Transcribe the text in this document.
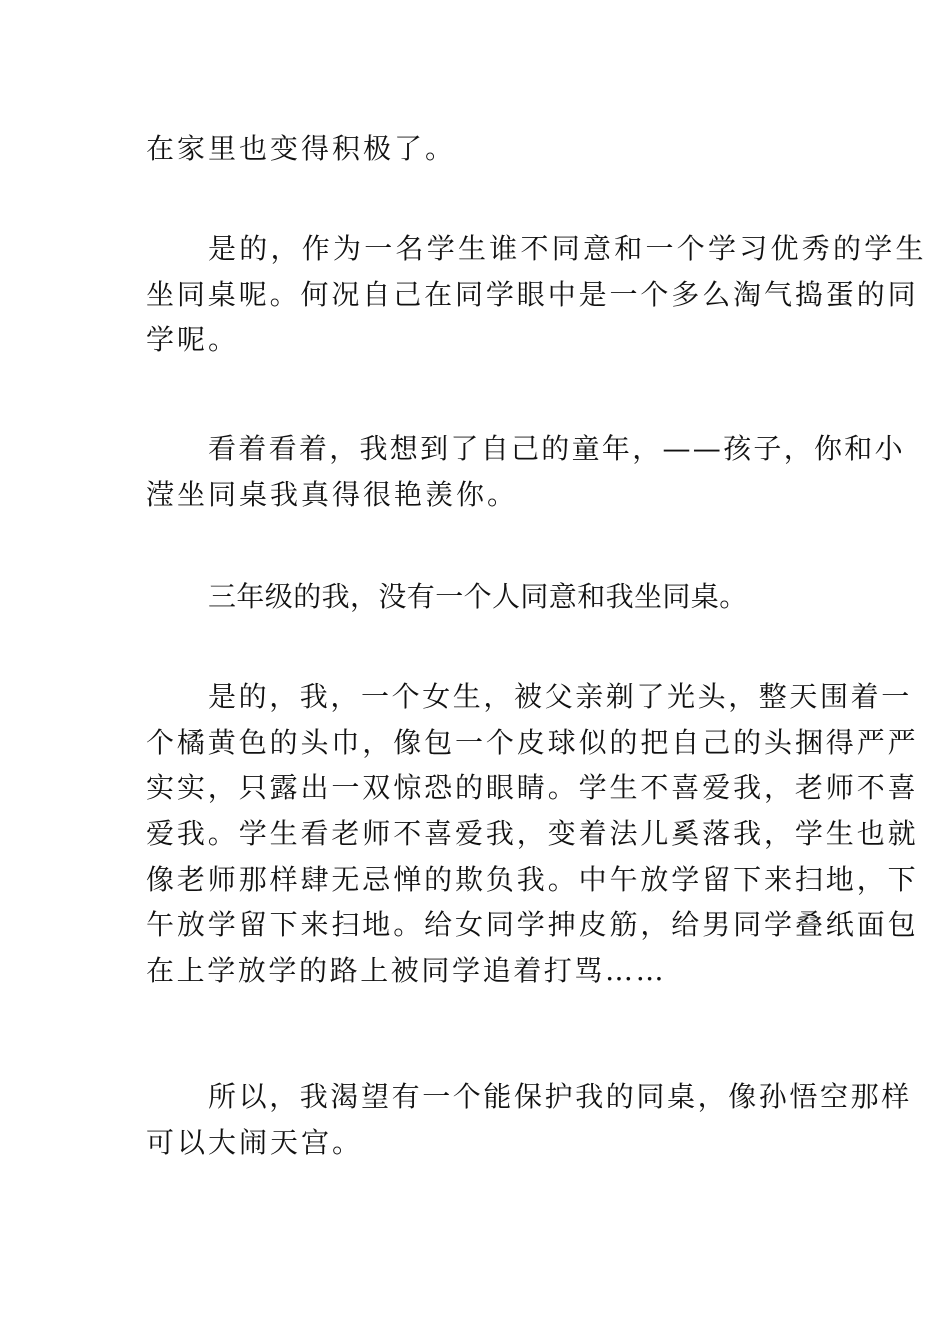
在家里也变得积极了。
是的，作为一名学生谁不同意和一个学习优秀的学生
坐同桌呢。何况自己在同学眼中是一个多么淘气捣蛋的同
学呢。
看着看着，我想到了自己的童年，——孩子，你和小
滢坐同桌我真得很艳羡你。
三年级的我，没有一个人同意和我坐同桌。
是的，我，一个女生，被父亲剃了光头，整天围着一
个橘黄色的头巾，像包一个皮球似的把自己的头捆得严严
实实，只露出一双惊恐的眼睛。学生不喜爱我，老师不喜
爱我。学生看老师不喜爱我，变着法儿奚落我，学生也就
像老师那样肆无忌惮的欺负我。中午放学留下来扫地，下
午放学留下来扫地。给女同学抻皮筋，给男同学叠纸面包
在上学放学的路上被同学追着打骂……
所以，我渴望有一个能保护我的同桌，像孙悟空那样
可以大闹天宫。
